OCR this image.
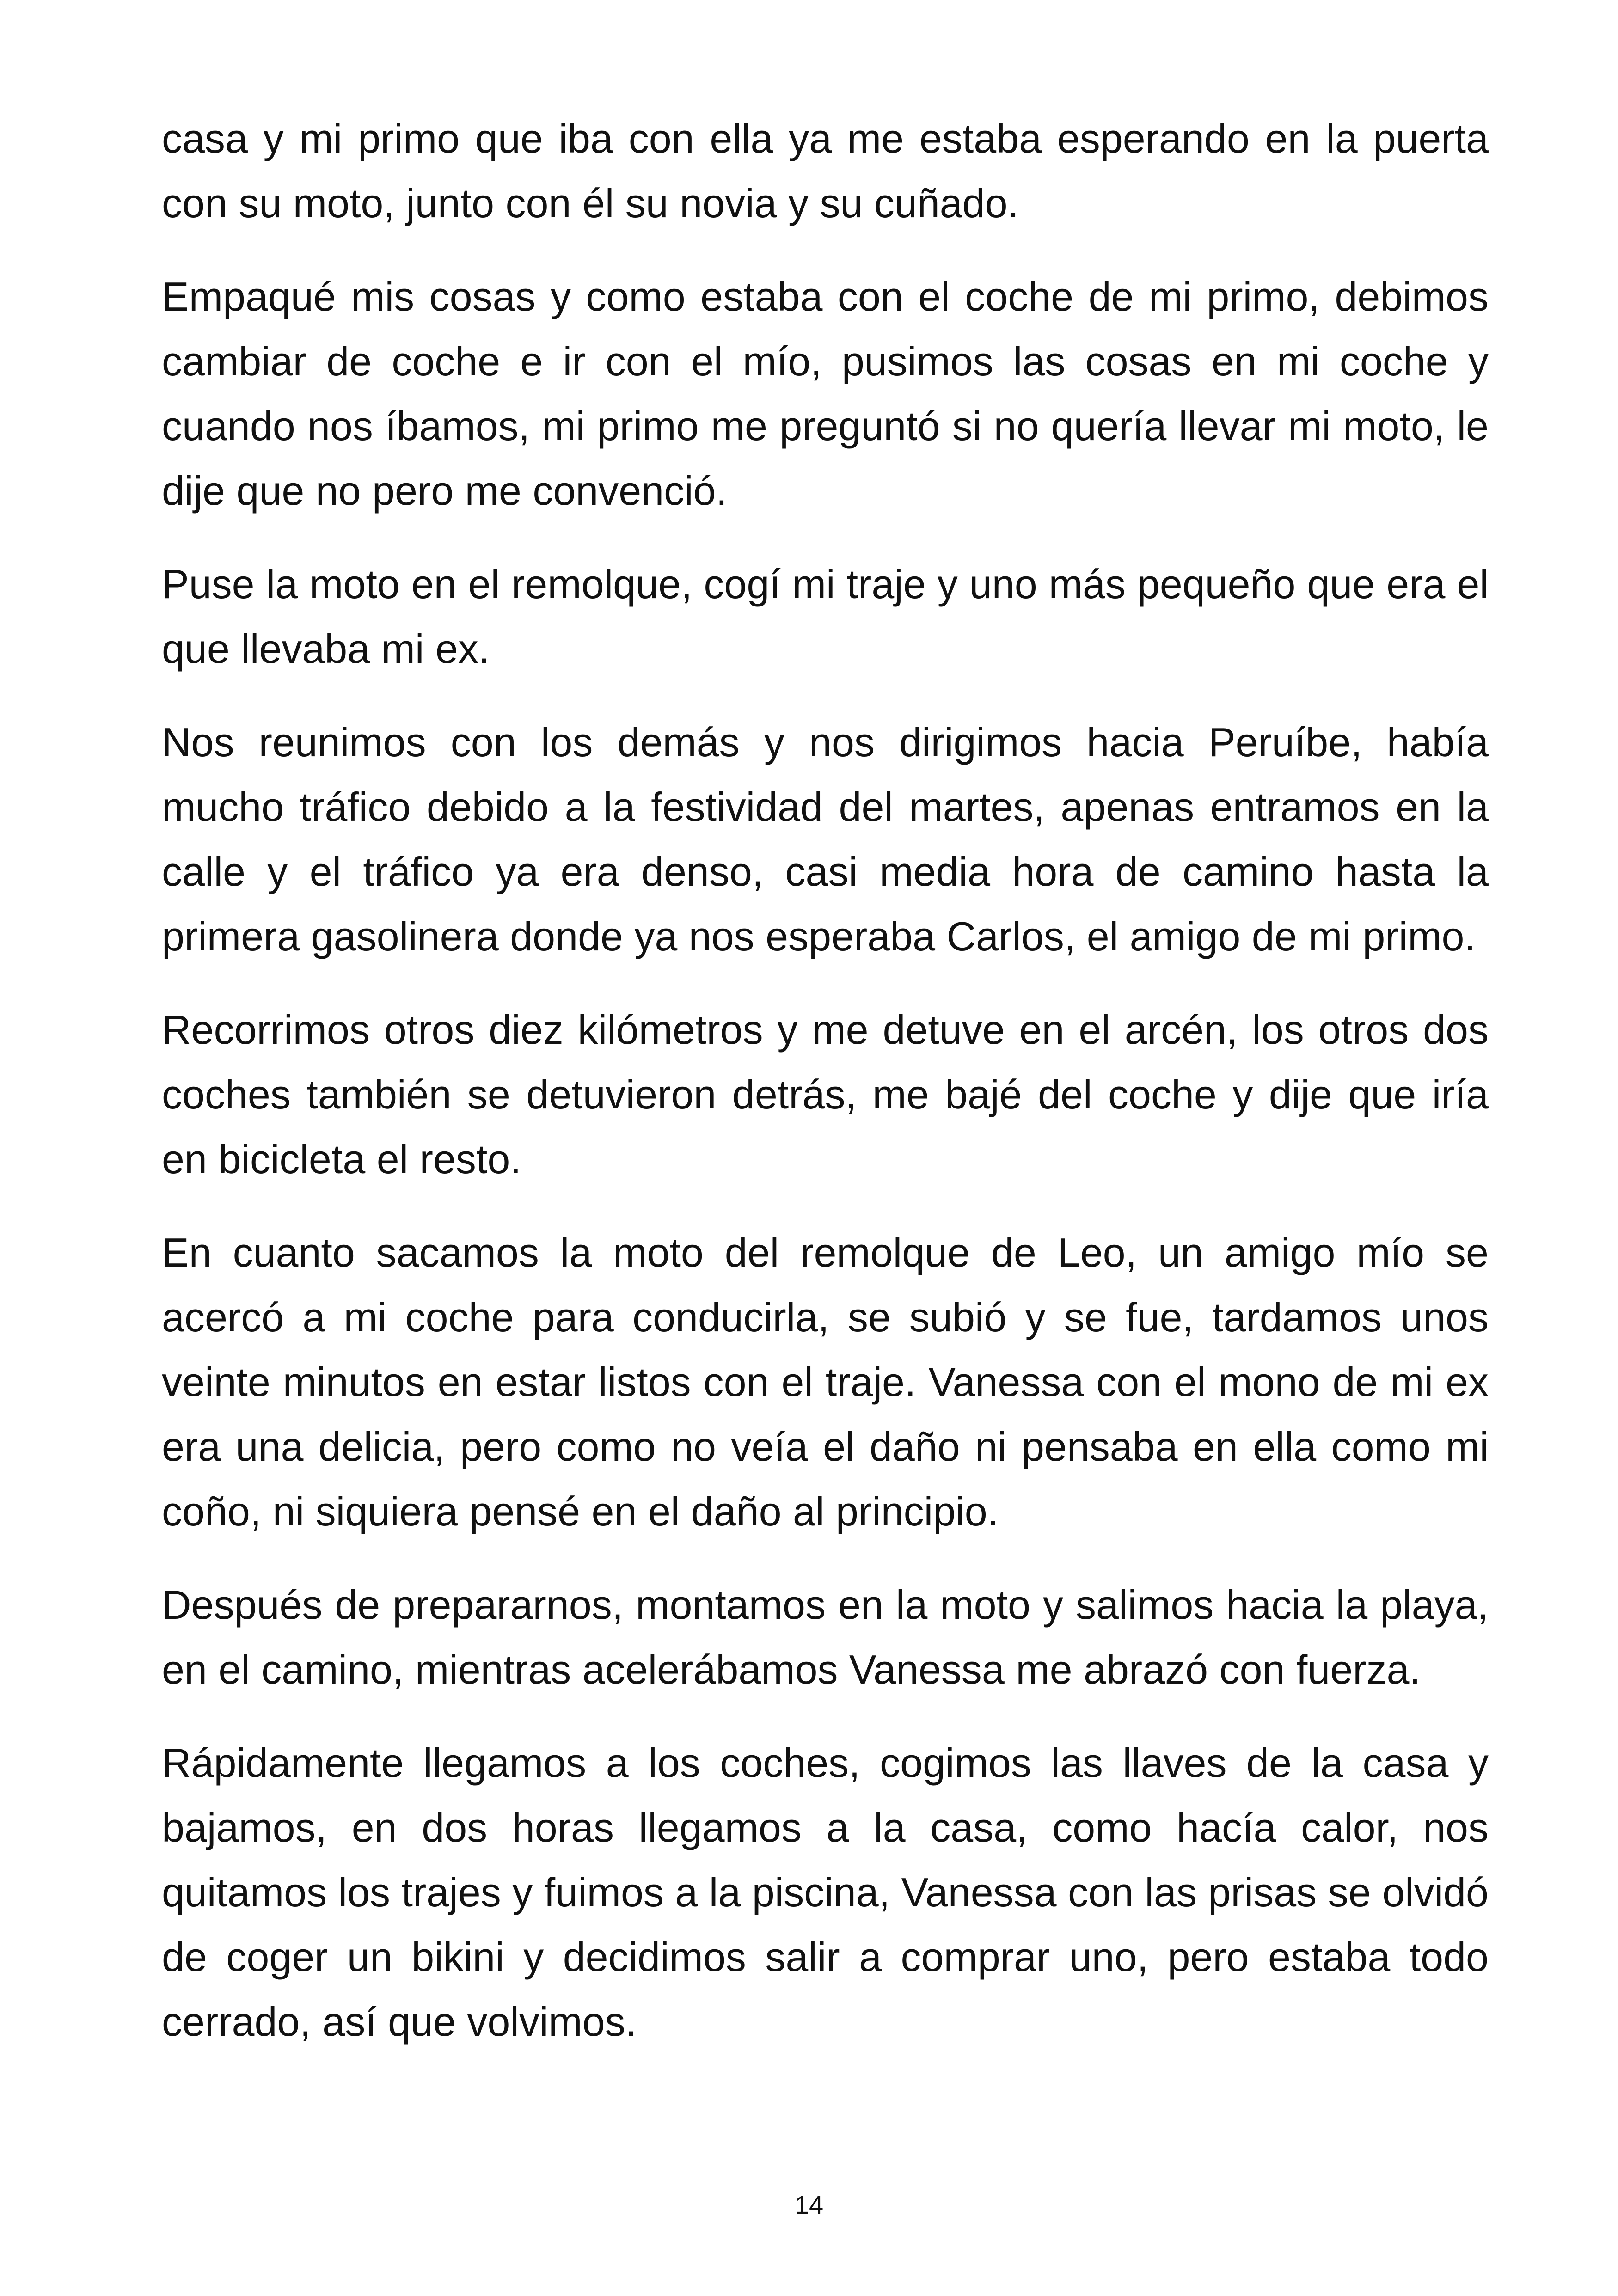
casa y mi primo que iba con ella ya me estaba esperando en la puerta con su moto, junto con él su novia y su cuñado.

Empaqué mis cosas y como estaba con el coche de mi primo, debimos cambiar de coche e ir con el mío, pusimos las cosas en mi coche y cuando nos íbamos, mi primo me preguntó si no quería llevar mi moto, le dije que no pero me convenció.

Puse la moto en el remolque, cogí mi traje y uno más pequeño que era el que llevaba mi ex.

Nos reunimos con los demás y nos dirigimos hacia Peruíbe, había mucho tráfico debido a la festividad del martes, apenas entramos en la calle y el tráfico ya era denso, casi media hora de camino hasta la primera gasolinera donde ya nos esperaba Carlos, el amigo de mi primo.

Recorrimos otros diez kilómetros y me detuve en el arcén, los otros dos coches también se detuvieron detrás, me bajé del coche y dije que iría en bicicleta el resto.

En cuanto sacamos la moto del remolque de Leo, un amigo mío se acercó a mi coche para conducirla, se subió y se fue, tardamos unos veinte minutos en estar listos con el traje. Vanessa con el mono de mi ex era una delicia, pero como no veía el daño ni pensaba en ella como mi coño, ni siquiera pensé en el daño al principio.

Después de prepararnos, montamos en la moto y salimos hacia la playa, en el camino, mientras acelerábamos Vanessa me abrazó con fuerza.

Rápidamente llegamos a los coches, cogimos las llaves de la casa y bajamos, en dos horas llegamos a la casa, como hacía calor, nos quitamos los trajes y fuimos a la piscina, Vanessa con las prisas se olvidó de coger un bikini y decidimos salir a comprar uno, pero estaba todo cerrado, así que volvimos.

14
